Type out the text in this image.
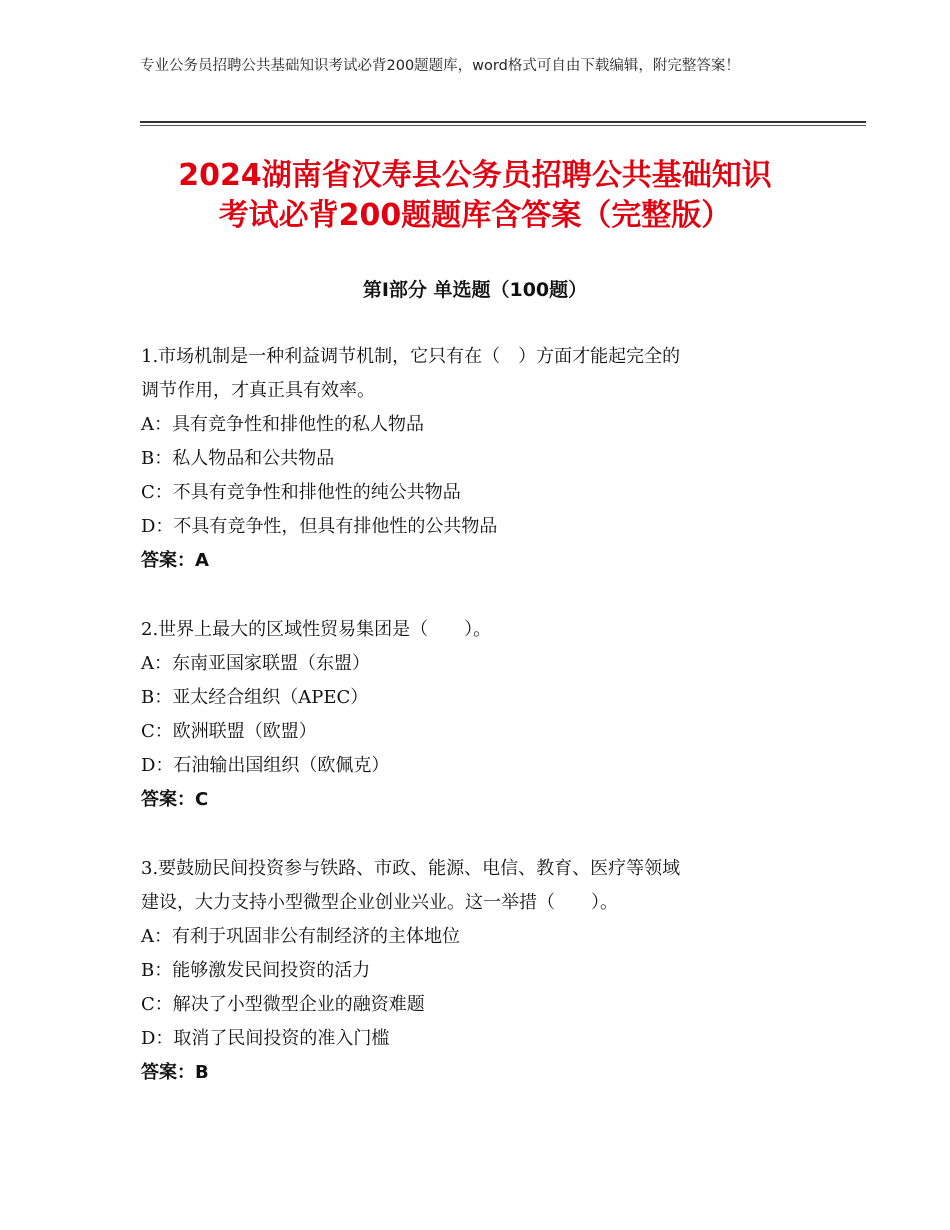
专业公务员招聘公共基础知识考试必背200题题库，word格式可自由下载编辑，附完整答案！
2024湖南省汉寿县公务员招聘公共基础知识
考试必背200题题库含答案（完整版）
第Ⅰ部分 单选题（100题）
1.市场机制是一种利益调节机制，它只有在（　）方面才能起完全的
调节作用，才真正具有效率。
A：具有竞争性和排他性的私人物品
B：私人物品和公共物品
C：不具有竞争性和排他性的纯公共物品
D：不具有竞争性，但具有排他性的公共物品
答案：A
2.世界上最大的区域性贸易集团是（　　）。
A：东南亚国家联盟（东盟）
B：亚太经合组织（APEC）
C：欧洲联盟（欧盟）
D：石油输出国组织（欧佩克）
答案：C
3.要鼓励民间投资参与铁路、市政、能源、电信、教育、医疗等领域
建设，大力支持小型微型企业创业兴业。这一举措（　　）。
A：有利于巩固非公有制经济的主体地位
B：能够激发民间投资的活力
C：解决了小型微型企业的融资难题
D：取消了民间投资的准入门槛
答案：B
